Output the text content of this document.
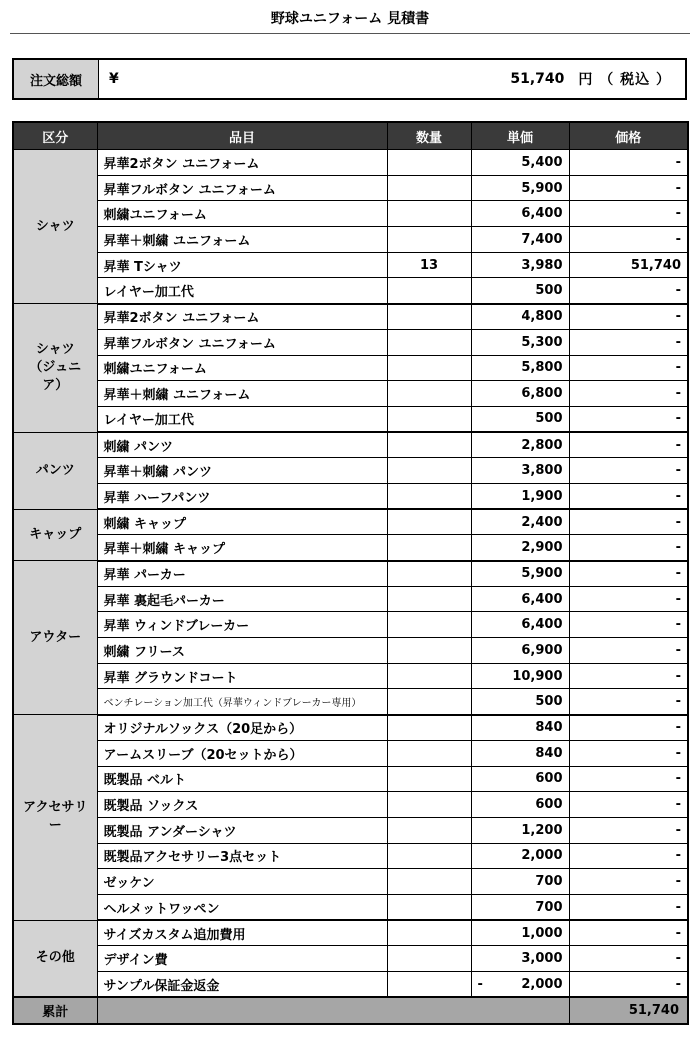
野球ユニフォーム 見積書
注文総額	¥	51,740 円 （ 税込 ）
区分	品目	数量	単価	価格
シャツ	昇華2ボタン ユニフォーム		5,400	-
	昇華フルボタン ユニフォーム		5,900	-
	刺繍ユニフォーム		6,400	-
	昇華＋刺繍 ユニフォーム		7,400	-
	昇華 Tシャツ	13	3,980	51,740
	レイヤー加工代		500	-
シャツ
（ジュニア）	昇華2ボタン ユニフォーム		4,800	-
	昇華フルボタン ユニフォーム		5,300	-
	刺繍ユニフォーム		5,800	-
	昇華＋刺繍 ユニフォーム		6,800	-
	レイヤー加工代		500	-
パンツ	刺繍 パンツ		2,800	-
	昇華＋刺繍 パンツ		3,800	-
	昇華 ハーフパンツ		1,900	-
キャップ	刺繍 キャップ		2,400	-
	昇華＋刺繍 キャップ		2,900	-
アウター	昇華 パーカー		5,900	-
	昇華 裏起毛パーカー		6,400	-
	昇華 ウィンドブレーカー		6,400	-
	刺繍 フリース		6,900	-
	昇華 グラウンドコート		10,900	-
	ベンチレーション加工代（昇華ウィンドブレーカー専用）		500	-
アクセサリー	オリジナルソックス（20足から）		840	-
	アームスリーブ（20セットから）		840	-
	既製品 ベルト		600	-
	既製品 ソックス		600	-
	既製品 アンダーシャツ		1,200	-
	既製品アクセサリー3点セット		2,000	-
	ゼッケン		700	-
	ヘルメットワッペン		700	-
その他	サイズカスタム追加費用		1,000	-
	デザイン費		3,000	-
	サンプル保証金返金		- 2,000	-
累計				51,740
